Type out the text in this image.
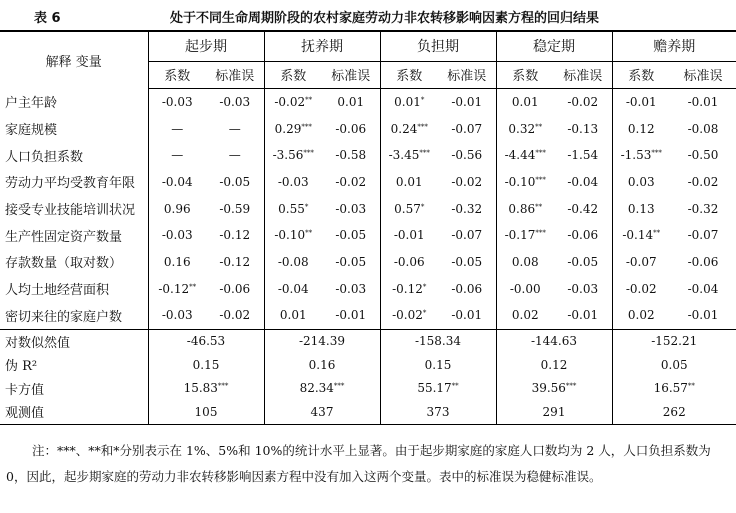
表 6	处于不同生命周期阶段的农村家庭劳动力非农转移影响因素方程的回归结果
解释 变量	起步期		抚养期		负担期		稳定期		赡养期	
	系数	标准误	系数	标准误	系数	标准误	系数	标准误	系数	标准误
户主年龄	-0.03	-0.03	-0.02**	0.01	0.01*	-0.01	0.01	-0.02	-0.01	-0.01
家庭规模	—	—	0.29***	-0.06	0.24***	-0.07	0.32**	-0.13	0.12	-0.08
人口负担系数	—	—	-3.56***	-0.58	-3.45***	-0.56	-4.44***	-1.54	-1.53***	-0.50
劳动力平均受教育年限	-0.04	-0.05	-0.03	-0.02	0.01	-0.02	-0.10***	-0.04	0.03	-0.02
接受专业技能培训状况	0.96	-0.59	0.55*	-0.03	0.57*	-0.32	0.86**	-0.42	0.13	-0.32
生产性固定资产数量	-0.03	-0.12	-0.10**	-0.05	-0.01	-0.07	-0.17***	-0.06	-0.14**	-0.07
存款数量（取对数）	0.16	-0.12	-0.08	-0.05	-0.06	-0.05	0.08	-0.05	-0.07	-0.06
人均土地经营面积	-0.12**	-0.06	-0.04	-0.03	-0.12*	-0.06	-0.00	-0.03	-0.02	-0.04
密切来往的家庭户数	-0.03	-0.02	0.01	-0.01	-0.02*	-0.01	0.02	-0.01	0.02	-0.01
对数似然值	-46.53		-214.39		-158.34		-144.63		-152.21	
伪 R²	0.15		0.16		0.15		0.12		0.05	
卡方值	15.83***		82.34***		55.17**		39.56***		16.57**
观测值	105		437		373		291		262	
注：***、**和*分别表示在 1%、5%和 10%的统计水平上显著。由于起步期家庭的家庭人口数均为 2 人，人口负担系数为 0，因此，起步期家庭的劳动力非农转移影响因素方程中没有加入这两个变量。表中的标准误为稳健标准误。
